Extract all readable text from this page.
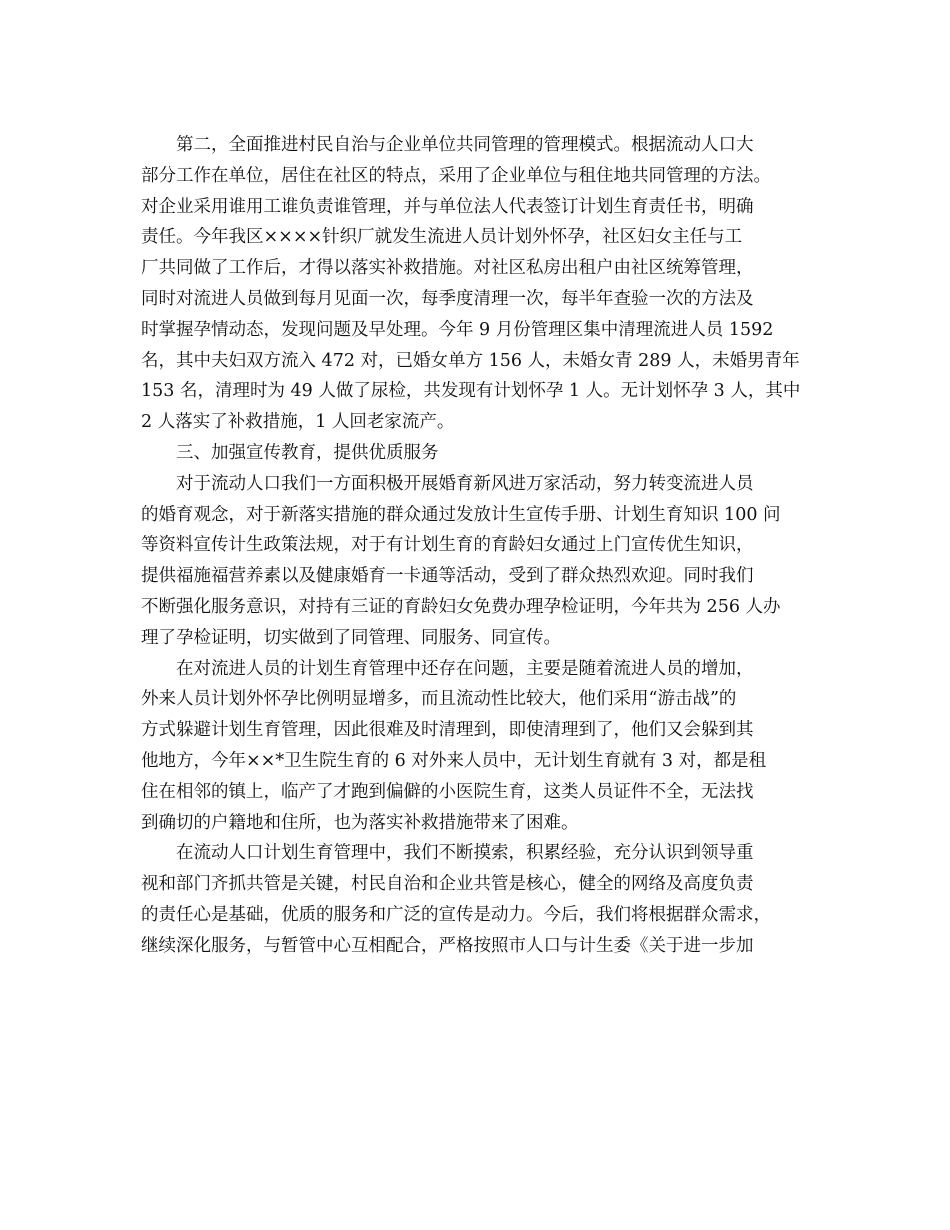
第二，全面推进村民自治与企业单位共同管理的管理模式。根据流动人口大
部分工作在单位，居住在社区的特点，采用了企业单位与租住地共同管理的方法。
对企业采用谁用工谁负责谁管理，并与单位法人代表签订计划生育责任书，明确
责任。今年我区××××针织厂就发生流进人员计划外怀孕，社区妇女主任与工
厂共同做了工作后，才得以落实补救措施。对社区私房出租户由社区统筹管理，
同时对流进人员做到每月见面一次，每季度清理一次，每半年查验一次的方法及
时掌握孕情动态，发现问题及早处理。今年 9 月份管理区集中清理流进人员 1592
名，其中夫妇双方流入 472 对，已婚女单方 156 人，未婚女青 289 人，未婚男青年
153 名，清理时为 49 人做了尿检，共发现有计划怀孕 1 人。无计划怀孕 3 人，其中
2 人落实了补救措施，1 人回老家流产。
三、加强宣传教育，提供优质服务
对于流动人口我们一方面积极开展婚育新风进万家活动，努力转变流进人员
的婚育观念，对于新落实措施的群众通过发放计生宣传手册、计划生育知识 100 问
等资料宣传计生政策法规，对于有计划生育的育龄妇女通过上门宣传优生知识，
提供福施福营养素以及健康婚育一卡通等活动，受到了群众热烈欢迎。同时我们
不断强化服务意识，对持有三证的育龄妇女免费办理孕检证明，今年共为 256 人办
理了孕检证明，切实做到了同管理、同服务、同宣传。
在对流进人员的计划生育管理中还存在问题，主要是随着流进人员的增加，
外来人员计划外怀孕比例明显增多，而且流动性比较大，他们采用“游击战”的
方式躲避计划生育管理，因此很难及时清理到，即使清理到了，他们又会躲到其
他地方，今年××*卫生院生育的 6 对外来人员中，无计划生育就有 3 对，都是租
住在相邻的镇上，临产了才跑到偏僻的小医院生育，这类人员证件不全，无法找
到确切的户籍地和住所，也为落实补救措施带来了困难。
在流动人口计划生育管理中，我们不断摸索，积累经验，充分认识到领导重
视和部门齐抓共管是关键，村民自治和企业共管是核心，健全的网络及高度负责
的责任心是基础，优质的服务和广泛的宣传是动力。今后，我们将根据群众需求，
继续深化服务，与暂管中心互相配合，严格按照市人口与计生委《关于进一步加
